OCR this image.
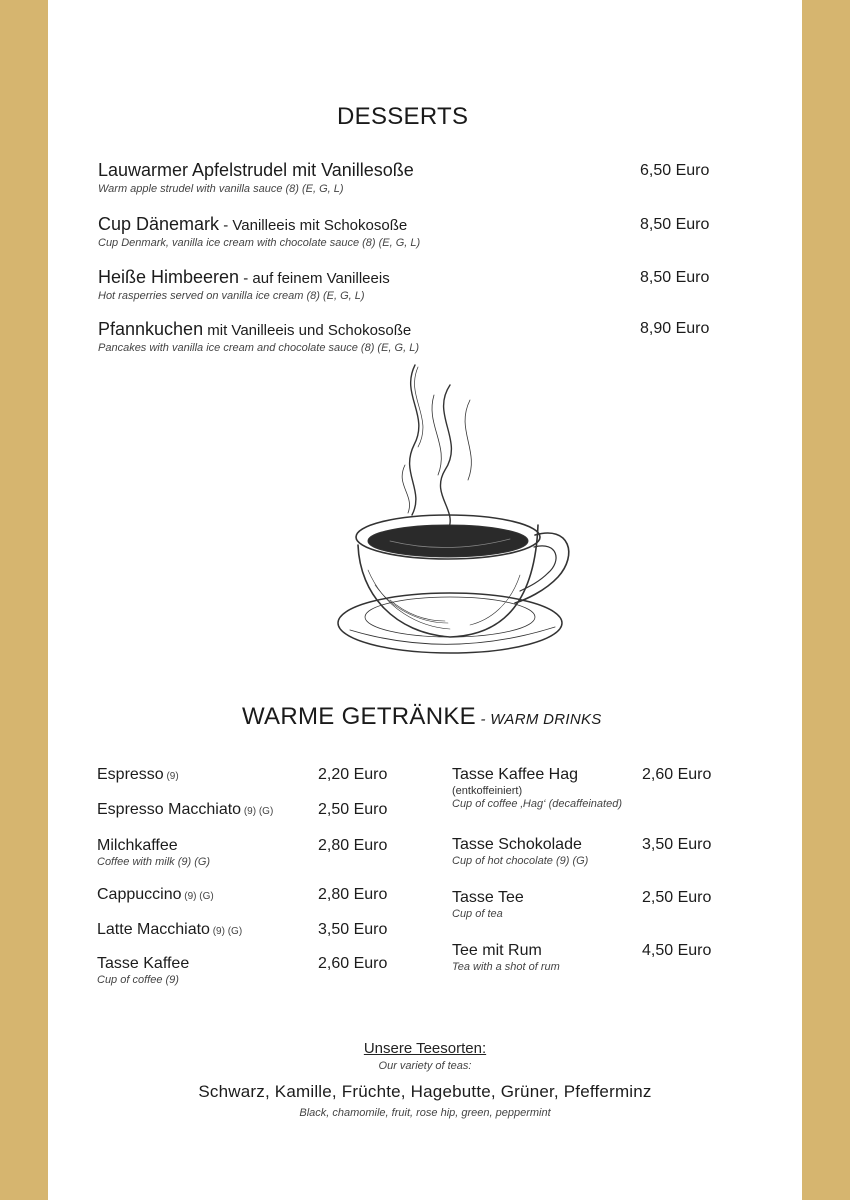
DESSERTS
Lauwarmer Apfelstrudel mit Vanillesoße
Warm apple strudel with vanilla sauce (8) (E, G, L)
6,50 Euro
Cup Dänemark - Vanilleeis mit Schokosoße
Cup Denmark, vanilla ice cream with chocolate sauce (8) (E, G, L)
8,50 Euro
Heiße Himbeeren - auf feinem Vanilleeis
Hot rasperries served on vanilla ice cream (8) (E, G, L)
8,50 Euro
Pfannkuchen mit Vanilleeis und Schokosoße
Pancakes with vanilla ice cream and chocolate sauce (8) (E, G, L)
8,90 Euro
WARME GETRÄNKE - WARM DRINKS
Espresso (9)	2,20 Euro
Espresso Macchiato (9) (G)	2,50 Euro
Milchkaffee
Coffee with milk (9) (G)
2,80 Euro
Cappuccino (9) (G)	2,80 Euro
Latte Macchiato (9) (G)	3,50 Euro
Tasse Kaffee
Cup of coffee (9)
2,60 Euro
Tasse Kaffee Hag
(entkoffeiniert)
Cup of coffee ‚Hag‘ (decaffeinated)
2,60 Euro
Tasse Schokolade
Cup of hot chocolate (9) (G)
3,50 Euro
Tasse Tee
Cup of tea
2,50 Euro
Tee mit Rum
Tea with a shot of rum
4,50 Euro
Unsere Teesorten:
Our variety of teas:
Schwarz, Kamille, Früchte, Hagebutte, Grüner, Pfefferminz
Black, chamomile, fruit, rose hip, green, peppermint
